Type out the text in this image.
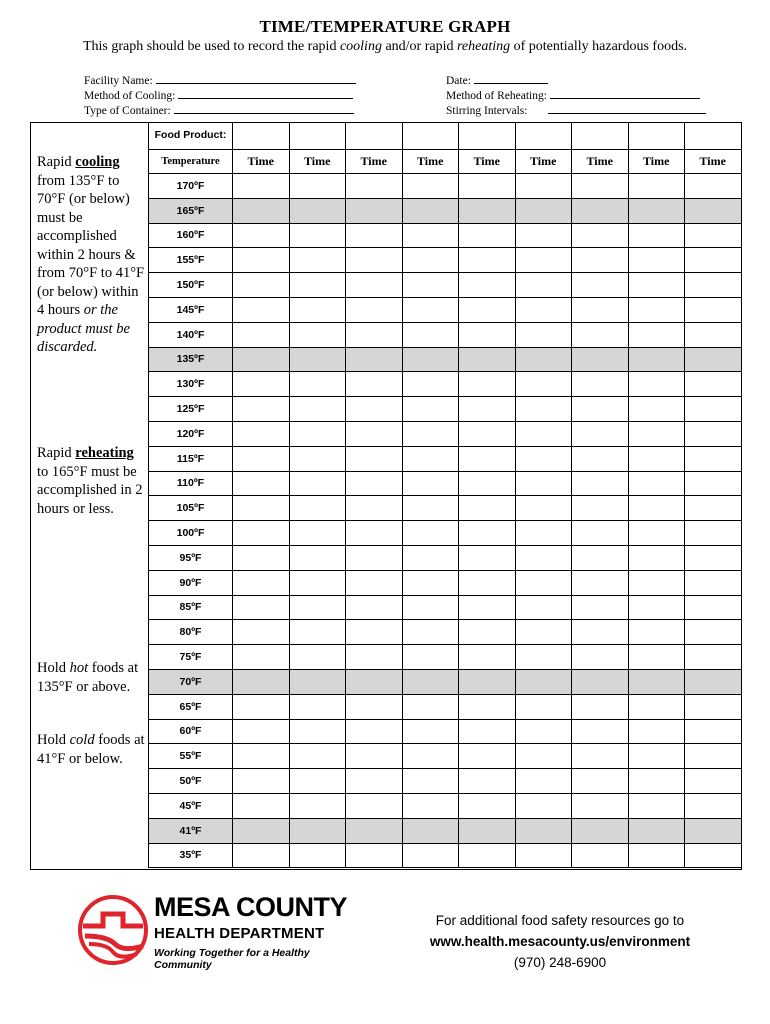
TIME/TEMPERATURE GRAPH
This graph should be used to record the rapid cooling and/or rapid reheating of potentially hazardous foods.
Facility Name:
Method of Cooling:
Type of Container:
Date:
Method of Reheating:
Stirring Intervals:
Rapid cooling from 135°F to 70°F (or below) must be accomplished within 2 hours & from 70°F to 41°F (or below) within 4 hours or the product must be discarded.
Rapid reheating to 165°F must be accomplished in 2 hours or less.
Hold hot foods at 135°F or above.
Hold cold foods at 41°F or below.
Food Product:									

Temperature	Time	Time	Time	Time	Time	Time	Time	Time	Time
170ºF									
165ºF									
160ºF									
155ºF									
150ºF									
145ºF									
140ºF									
135ºF									
130ºF									
125ºF									
120ºF									
115ºF									
110ºF									
105ºF									
100ºF									
95ºF									
90ºF									
85ºF									
80ºF									
75ºF									
70ºF									
65ºF									
60ºF									
55ºF									
50ºF									
45ºF									
41ºF									
35ºF									
MESA COUNTY
HEALTH DEPARTMENT
Working Together for a Healthy Community
For additional food safety resources go to
www.health.mesacounty.us/environment
(970) 248-6900
